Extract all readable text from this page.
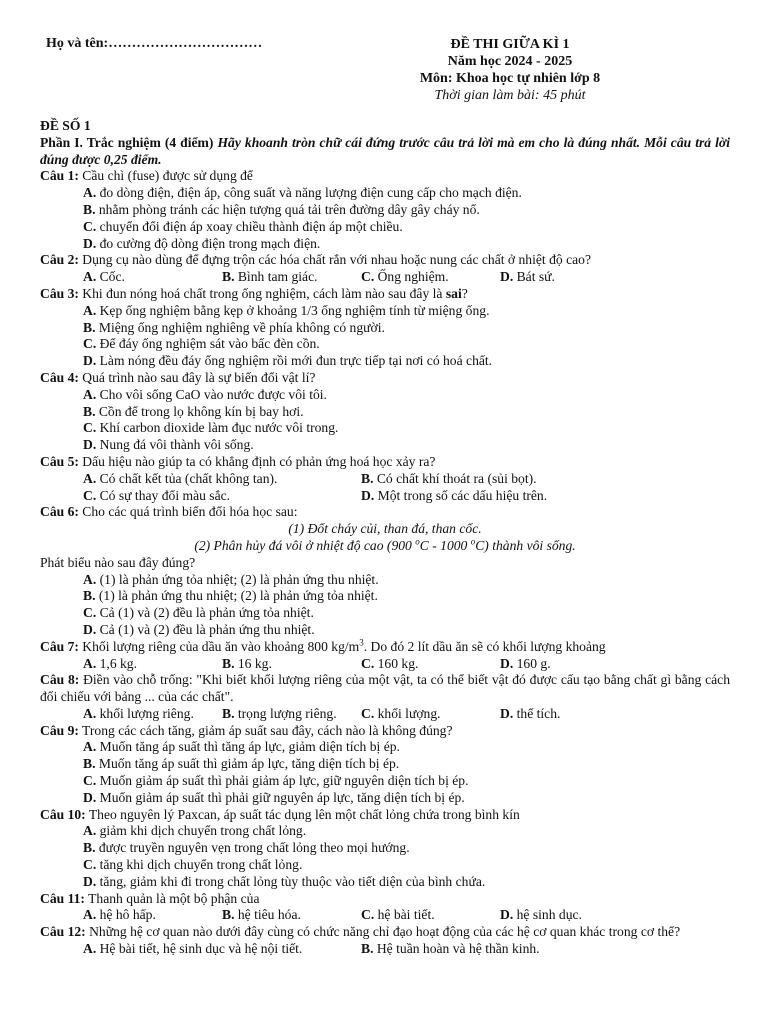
Họ và tên:……………………………	ĐỀ THI GIỮA KÌ 1
Năm học 2024 - 2025
Môn: Khoa học tự nhiên lớp 8
Thời gian làm bài: 45 phút

ĐỀ SỐ 1

Phần I. Trắc nghiệm (4 điểm) Hãy khoanh tròn chữ cái đứng trước câu trả lời mà em cho là đúng nhất. Mỗi câu trả lời đúng được 0,25 điểm.

Câu 1: Cầu chì (fuse) được sử dụng để

A. đo dòng điện, điện áp, công suất và năng lượng điện cung cấp cho mạch điện.

B. nhằm phòng tránh các hiện tượng quá tải trên đường dây gây cháy nổ.

C. chuyển đổi điện áp xoay chiều thành điện áp một chiều.

D. đo cường độ dòng điện trong mạch điện.

Câu 2: Dụng cụ nào dùng để đựng trộn các hóa chất rắn với nhau hoặc nung các chất ở nhiệt độ cao?

A. Cốc.	B. Bình tam giác.	C. Ống nghiệm.	D. Bát sứ.

Câu 3: Khi đun nóng hoá chất trong ống nghiệm, cách làm nào sau đây là sai?

A. Kẹp ống nghiệm bằng kẹp ở khoảng 1/3 ống nghiệm tính từ miệng ống.

B. Miệng ống nghiệm nghiêng về phía không có người.

C. Để đáy ống nghiệm sát vào bấc đèn cồn.

D. Làm nóng đều đáy ống nghiệm rồi mới đun trực tiếp tại nơi có hoá chất.

Câu 4: Quá trình nào sau đây là sự biến đổi vật lí?

A. Cho vôi sống CaO vào nước được vôi tôi.

B. Cồn để trong lọ không kín bị bay hơi.

C. Khí carbon dioxide làm đục nước vôi trong.

D. Nung đá vôi thành vôi sống.

Câu 5: Dấu hiệu nào giúp ta có khẳng định có phản ứng hoá học xảy ra?

A. Có chất kết tủa (chất không tan).	B. Có chất khí thoát ra (sủi bọt).
C. Có sự thay đổi màu sắc.	D. Một trong số các dấu hiệu trên.

Câu 6: Cho các quá trình biến đổi hóa học sau:

(1) Đốt cháy củi, than đá, than cốc.

(2) Phân hủy đá vôi ở nhiệt độ cao (900 $^o$C - 1000 $^o$C) thành vôi sống.

Phát biểu nào sau đây đúng?

A. (1) là phản ứng tỏa nhiệt; (2) là phản ứng thu nhiệt.

B. (1) là phản ứng thu nhiệt; (2) là phản ứng tỏa nhiệt.

C. Cả (1) và (2) đều là phản ứng tỏa nhiệt.

D. Cả (1) và (2) đều là phản ứng thu nhiệt.

Câu 7: Khối lượng riêng của dầu ăn vào khoảng 800 $kg/m^3$. Do đó 2 lít dầu ăn sẽ có khối lượng khoảng

A. 1,6 kg.	B. 16 kg.	C. 160 kg.	D. 160 g.

Câu 8: Điền vào chỗ trống: "Khi biết khối lượng riêng của một vật, ta có thể biết vật đó được cấu tạo bằng chất gì bằng cách đối chiếu với bảng ... của các chất".

A. khối lượng riêng.	B. trọng lượng riêng.	C. khối lượng.	D. thể tích.

Câu 9: Trong các cách tăng, giảm áp suất sau đây, cách nào là không đúng?

A. Muốn tăng áp suất thì tăng áp lực, giảm diện tích bị ép.

B. Muốn tăng áp suất thì giảm áp lực, tăng diện tích bị ép.

C. Muốn giảm áp suất thì phải giảm áp lực, giữ nguyên diện tích bị ép.

D. Muốn giảm áp suất thì phải giữ nguyên áp lực, tăng diện tích bị ép.

Câu 10: Theo nguyên lý Paxcan, áp suất tác dụng lên một chất lỏng chứa trong bình kín

A. giảm khi dịch chuyển trong chất lỏng.

B. được truyền nguyên vẹn trong chất lỏng theo mọi hướng.

C. tăng khi dịch chuyển trong chất lỏng.

D. tăng, giảm khi đi trong chất lỏng tùy thuộc vào tiết diện của bình chứa.

Câu 11: Thanh quản là một bộ phận của

A. hệ hô hấp.	B. hệ tiêu hóa.	C. hệ bài tiết.	D. hệ sinh dục.

Câu 12: Những hệ cơ quan nào dưới đây cùng có chức năng chỉ đạo hoạt động của các hệ cơ quan khác trong cơ thể?

A. Hệ bài tiết, hệ sinh dục và hệ nội tiết.	B. Hệ tuần hoàn và hệ thần kinh.
